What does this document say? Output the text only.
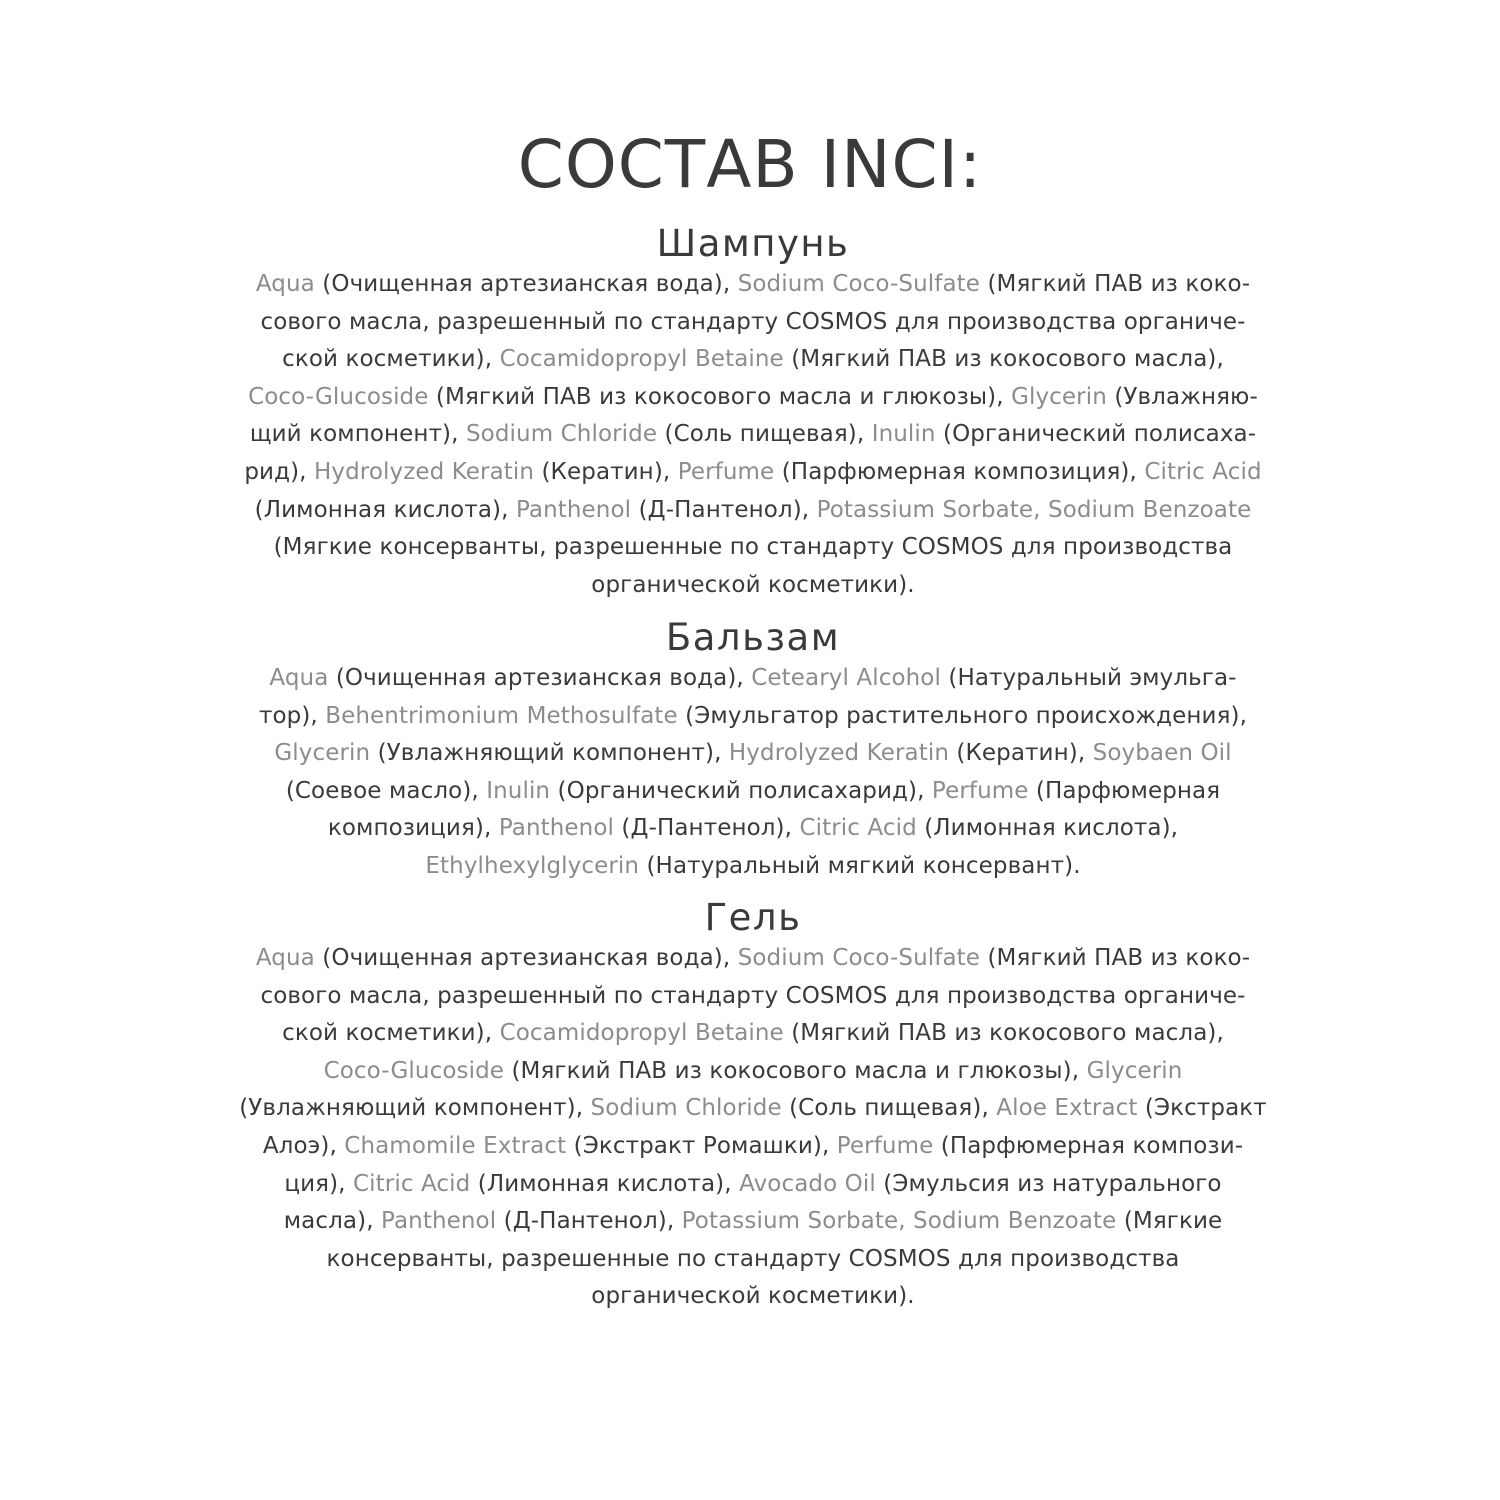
СОСТАВ INCI:
Шампунь

Aqua (Очищенная артезианская вода), Sodium Coco-Sulfate (Мягкий ПАВ из коко-
сового масла, разрешенный по стандарту COSMOS для производства органиче-
ской косметики), Cocamidopropyl Betaine (Мягкий ПАВ из кокосового масла),
Coco-Glucoside (Мягкий ПАВ из кокосового масла и глюкозы), Glycerin (Увлажняю-
щий компонент), Sodium Chloride (Соль пищевая), Inulin (Органический полисаха-
рид), Hydrolyzed Keratin (Кератин), Perfume (Парфюмерная композиция), Citric Acid
(Лимонная кислота), Panthenol (Д-Пантенол), Potassium Sorbate, Sodium Benzoate
(Мягкие консерванты, разрешенные по стандарту COSMOS для производства
органической косметики).

Бальзам

Aqua (Очищенная артезианская вода), Cetearyl Alcohol (Натуральный эмульга-
тор), Behentrimonium Methosulfate (Эмульгатор растительного происхождения),
Glycerin (Увлажняющий компонент), Hydrolyzed Keratin (Кератин), Soybaen Oil
(Соевое масло), Inulin (Органический полисахарид), Perfume (Парфюмерная
композиция), Panthenol (Д-Пантенол), Citric Acid (Лимонная кислота),
Ethylhexylglycerin (Натуральный мягкий консервант).

Гель

Aqua (Очищенная артезианская вода), Sodium Coco-Sulfate (Мягкий ПАВ из коко-
сового масла, разрешенный по стандарту COSMOS для производства органиче-
ской косметики), Cocamidopropyl Betaine (Мягкий ПАВ из кокосового масла),
Coco-Glucoside (Мягкий ПАВ из кокосового масла и глюкозы), Glycerin
(Увлажняющий компонент), Sodium Chloride (Соль пищевая), Aloe Extract (Экстракт
Алоэ), Chamomile Extract (Экстракт Ромашки), Perfume (Парфюмерная компози-
ция), Citric Acid (Лимонная кислота), Avocado Oil (Эмульсия из натурального
масла), Panthenol (Д-Пантенол), Potassium Sorbate, Sodium Benzoate (Мягкие
консерванты, разрешенные по стандарту COSMOS для производства
органической косметики).
